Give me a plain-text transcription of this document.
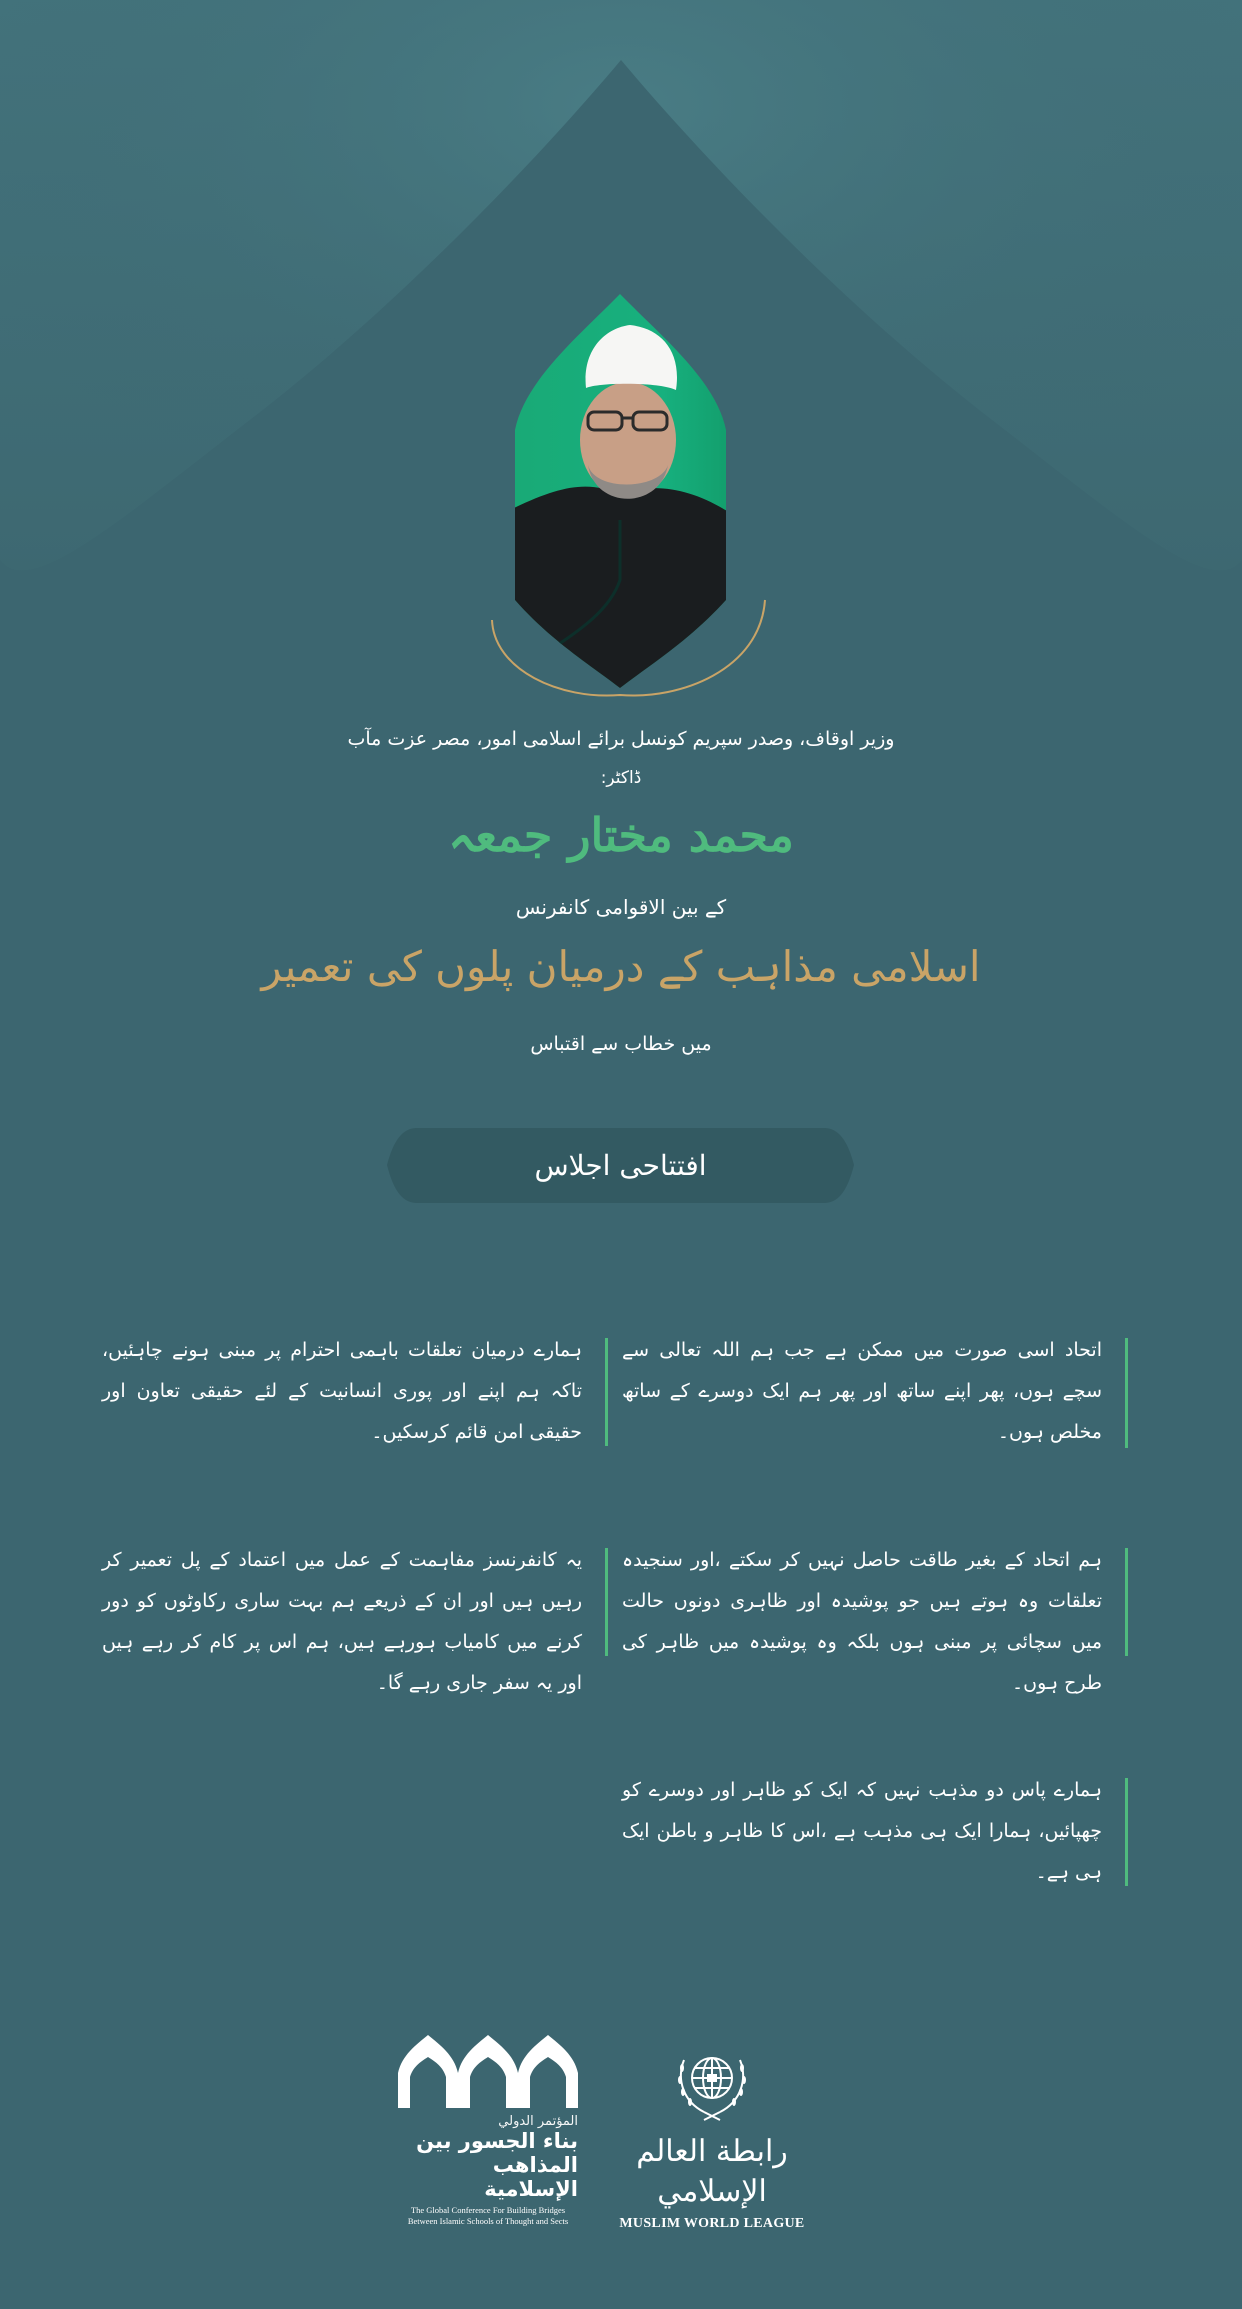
وزیر اوقاف، وصدر سپریم کونسل برائے اسلامی امور، مصر عزت مآب
ڈاکٹر:
محمد مختار جمعہ
کے بین الاقوامی کانفرنس
اسلامی مذاہب کے درمیان پلوں کی تعمیر
میں خطاب سے اقتباس
افتتاحی اجلاس
اتحاد اسی صورت میں ممکن ہے جب ہم اللہ تعالی سے سچے ہوں، پھر اپنے ساتھ اور پھر ہم ایک دوسرے کے ساتھ مخلص ہوں۔
ہمارے درمیان تعلقات باہمی احترام پر مبنی ہونے چاہئیں، تاکہ ہم اپنے اور پوری انسانیت کے لئے حقیقی تعاون اور حقیقی امن قائم کرسکیں۔
ہم اتحاد کے بغیر طاقت حاصل نہیں کر سکتے ،اور سنجیدہ تعلقات وہ ہوتے ہیں جو پوشیدہ اور ظاہری دونوں حالت میں سچائی پر مبنی ہوں بلکہ وہ پوشیدہ میں ظاہر کی طرح ہوں۔
یہ کانفرنسز مفاہمت کے عمل میں اعتماد کے پل تعمیر کر رہیں ہیں اور ان کے ذریعے ہم بہت ساری رکاوٹوں کو دور کرنے میں کامیاب ہورہے ہیں، ہم اس پر کام کر رہے ہیں اور یہ سفر جاری رہے گا۔
ہمارے پاس دو مذہب نہیں کہ ایک کو ظاہر اور دوسرے کو چھپائیں، ہمارا ایک ہی مذہب ہے ،اس کا ظاہر و باطن ایک ہی ہے۔
المؤتمر الدولي
بناء الجسور بين
المذاهب الإسلامية
The Global Conference For Building Bridges
Between Islamic Schools of Thought and Sects
رابطة العالم الإسلامي
MUSLIM WORLD LEAGUE
